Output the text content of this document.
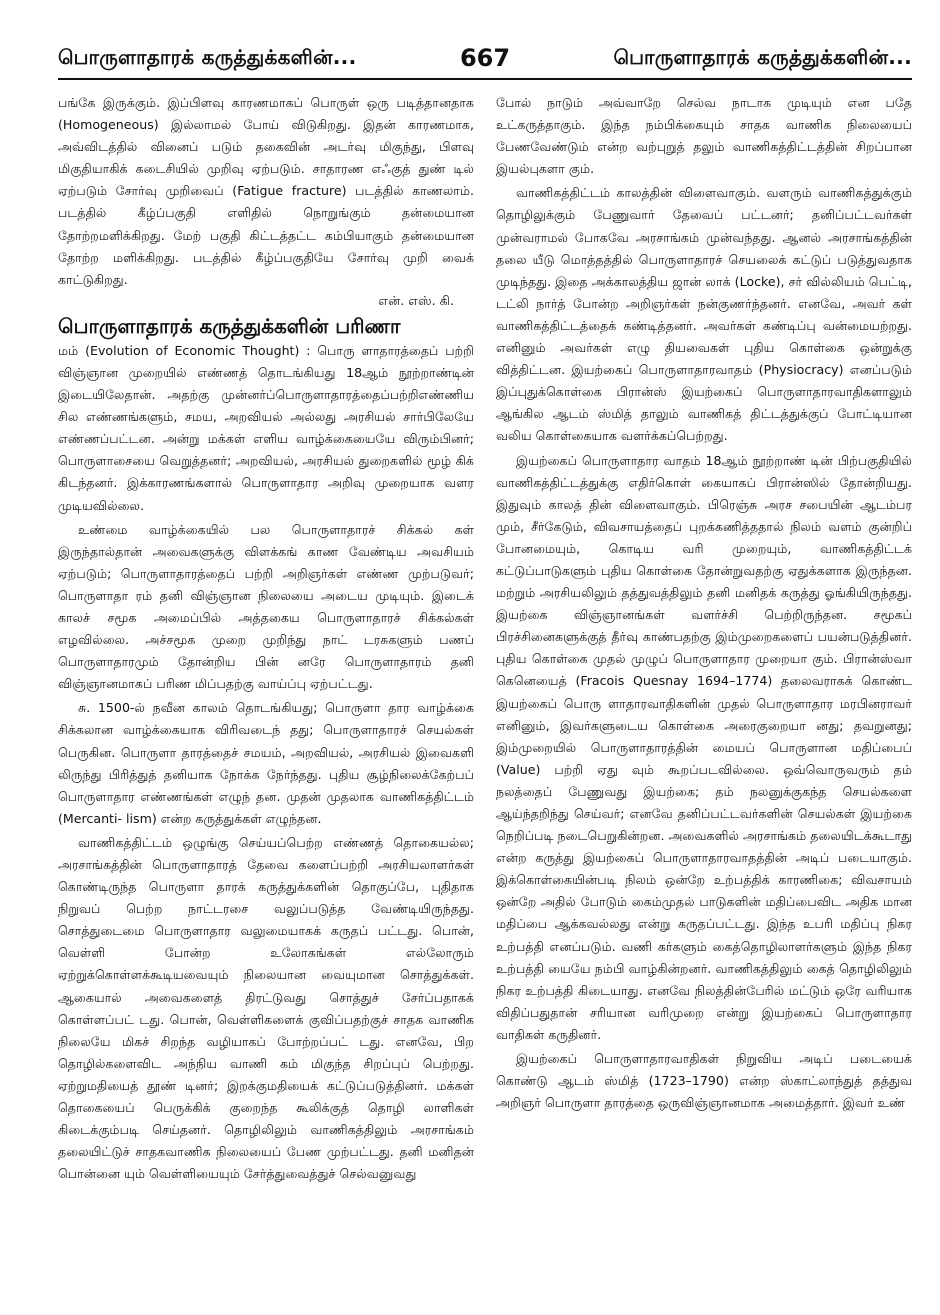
பொருளாதாரக் கருத்துக்களின்...	667	பொருளாதாரக் கருத்துக்களின்...

பங்கே இருக்கும். இப்பிளவு காரணமாகப் பொருள் ஒரு படித்தானதாக (Homogeneous) இல்லாமல் போய் விடுகிறது. இதன் காரணமாக, அவ்விடத்தில் வினைப் படும் தகைவின் அடர்வு மிகுந்து, பிளவு மிகுதியாகிக் கடைசியில் முறிவு ஏற்படும். சாதாரண எஃகுத் துண் டில் ஏற்படும் சோர்வு முறிவைப் (Fatigue fracture) படத்தில் காணலாம். படத்தில் கீழ்ப்பகுதி எளிதில் நொறுங்கும் தன்மையான தோற்றமளிக்கிறது. மேற் பகுதி கிட்டத்தட்ட கம்பியாகும் தன்மையான தோற்ற மளிக்கிறது. படத்தில் கீழ்ப்பகுதியே சோர்வு முறி வைக் காட்டுகிறது.

என். எஸ். கி.
பொருளாதாரக் கருத்துக்களின் பரிணா

மம் (Evolution of Economic Thought) : பொரு ளாதாரத்தைப் பற்றி விஞ்ஞான முறையில் எண்ணத் தொடங்கியது 18ஆம் நூற்றாண்டின் இடையிலேதான். அதற்கு முன்னர்ப்பொருளாதாரத்தைப்பற்றிஎண்ணிய சில எண்ணங்களும், சமய, அறவியல் அல்லது அரசியல் சார்பிலேயே எண்ணப்பட்டன. அன்று மக்கள் எளிய வாழ்க்கையையே விரும்பினர்; பொருளாசையை வெறுத்தனர்; அறவியல், அரசியல் துறைகளில் மூழ் கிக் கிடந்தனர். இக்காரணங்களால் பொருளாதார அறிவு முறையாக வளர முடியவில்லை.

உண்மை வாழ்க்கையில் பல பொருளாதாரச் சிக்கல் கள் இருந்தால்தான் அவைகளுக்கு விளக்கங் காண வேண்டிய அவசியம் ஏற்படும்; பொருளாதாரத்தைப் பற்றி அறிஞர்கள் எண்ண முற்படுவர்; பொருளாதா ரம் தனி விஞ்ஞான நிலையை அடைய முடியும். இடைக் காலச் சமூக அமைப்பில் அத்தகைய பொருளாதாரச் சிக்கல்கள் எழவில்லை. அச்சமூக முறை முறிந்து நாட் டரசுகளும் பணப் பொருளாதாரமும் தோன்றிய பின் னரே பொருளாதாரம் தனி விஞ்ஞானமாகப் பரிண மிப்பதற்கு வாய்ப்பு ஏற்பட்டது.

சு. 1500-ல் நவீன காலம் தொடங்கியது; பொருளா தார வாழ்க்கை சிக்கலான வாழ்க்கையாக விரிவடைந் தது; பொருளாதாரச் செயல்கள் பெருகின. பொருளா தாரத்தைச் சமயம், அறவியல், அரசியல் இவைகளி லிருந்து பிரித்துத் தனியாக நோக்க நேர்ந்தது. புதிய சூழ்நிலைக்கேற்பப் பொருளாதார எண்ணங்கள் எழுந் தன. முதன் முதலாக வாணிகத்திட்டம் (Mercanti- lism) என்ற கருத்துக்கள் எழுந்தன.

வாணிகத்திட்டம் ஒழுங்கு செய்யப்பெற்ற எண்ணத் தொகையல்ல; அரசாங்கத்தின் பொருளாதாரத் தேவை களைப்பற்றி அரசியலாளர்கள் கொண்டிருந்த பொருளா தாரக் கருத்துக்களின் தொகுப்பே, புதிதாக நிறுவப் பெற்ற நாட்டரசை வலுப்படுத்த வேண்டியிருந்தது. சொத்துடைமை பொருளாதார வலுமையாகக் கருதப் பட்டது. பொன், வெள்ளி போன்ற உலோகங்கள் எல்லோரும் ஏற்றுக்கொள்ளக்கூடியவையும் நிலையான வையுமான சொத்துக்கள். ஆகையால் அவைகளைத் திரட்டுவது சொத்துச் சேர்ப்பதாகக் கொள்ளப்பட் டது. பொன், வெள்ளிகளைக் குவிப்பதற்குச் சாதக வாணிக நிலையே மிகச் சிறந்த வழியாகப் போற்றப்பட் டது. எனவே, பிற தொழில்களைவிட அந்நிய வாணி கம் மிகுந்த சிறப்புப் பெற்றது. ஏற்றுமதியைத் தூண் டினர்; இறக்குமதியைக் கட்டுப்படுத்தினர். மக்கள் தொகையைப் பெருக்கிக் குறைந்த கூலிக்குத் தொழி லாளிகள் கிடைக்கும்படி செய்தனர். தொழிலிலும் வாணிகத்திலும் அரசாங்கம் தலையிட்டுச் சாதகவாணிக நிலையைப் பேண முற்பட்டது. தனி மனிதன் பொன்னை யும் வெள்ளியையும் சேர்த்துவைத்துச் செல்வனுவது

போல் நாடும் அவ்வாறே செல்வ நாடாக முடியும் என பதே உட்கருத்தாகும். இந்த நம்பிக்கையும் சாதக வாணிக நிலையைப் பேணவேண்டும் என்ற வற்புறுத் தலும் வாணிகத்திட்டத்தின் சிறப்பான இயல்புகளா கும்.

வாணிகத்திட்டம் காலத்தின் விளைவாகும். வளரும் வாணிகத்துக்கும் தொழிலுக்கும் பேணுவார் தேவைப் பட்டனர்; தனிப்பட்டவர்கள் முன்வராமல் போகவே அரசாங்கம் முன்வந்தது. ஆனல் அரசாங்கத்தின் தலை யீடு மொத்தத்தில் பொருளாதாரச் செயலைக் கட்டுப் படுத்துவதாக முடிந்தது. இதை அக்காலத்திய ஜான் லாக் (Locke), சர் வில்லியம் பெட்டி, டட்லி நார்த் போன்ற அறிஞர்கள் நன்குணர்ந்தனர். எனவே, அவர் கள் வாணிகத்திட்டத்தைக் கண்டித்தனர். அவர்கள் கண்டிப்பு வன்மையற்றது. எனினும் அவர்கள் எழு தியவைகள் புதிய கொள்கை ஒன்றுக்கு வித்திட்டன. இயற்கைப் பொருளாதாரவாதம் (Physiocracy) எனப்படும் இப்புதுக்கொள்கை பிரான்ஸ் இயற்கைப் பொருளாதாரவாதிகளாலும் ஆங்கில ஆடம் ஸ்மித் தாலும் வாணிகத் திட்டத்துக்குப் போட்டியான வலிய கொள்கையாக வளர்க்கப்பெற்றது.

இயற்கைப் பொருளாதார வாதம் 18ஆம் நூற்றாண் டின் பிற்பகுதியில் வாணிகத்திட்டத்துக்கு எதிர்கொள் கையாகப் பிரான்ஸில் தோன்றியது. இதுவும் காலத் தின் விளைவாகும். பிரெஞ்சு அரச சபையின் ஆடம்பர மும், சீர்கேடும், விவசாயத்தைப் புறக்கணித்ததால் நிலம் வளம் குன்றிப் போனமையும், கொடிய வரி முறையும், வாணிகத்திட்டக் கட்டுப்பாடுகளும் புதிய கொள்கை தோன்றுவதற்கு ஏதுக்களாக இருந்தன. மற்றும் அரசியலிலும் தத்துவத்திலும் தனி மனிதக் கருத்து ஓங்கியிருந்தது. இயற்கை விஞ்ஞானங்கள் வளர்ச்சி பெற்றிருந்தன. சமூகப் பிரச்சினைகளுக்குத் தீர்வு காண்பதற்கு இம்முறைகளைப் பயன்படுத்தினர். புதிய கொள்கை முதல் முழுப் பொருளாதார முறையா கும். பிரான்ஸ்வா கெனெயைத் (Fracois Quesnay 1694–1774) தலைவராகக் கொண்ட இயற்கைப் பொரு ளாதாரவாதிகளின் முதல் பொருளாதார மரபினராவர் எனினும், இவர்களுடைய கொள்கை அரைகுறையா னது; தவறுனது; இம்முறையில் பொருளாதாரத்தின் மையப் பொருளான மதிப்பைப் (Value) பற்றி ஏது வும் கூறப்படவில்லை. ஒவ்வொருவரும் தம் நலத்தைப் பேணுவது இயற்கை; தம் நலனுக்குகந்த செயல்களை ஆய்ந்தறிந்து செய்வர்; எனவே தனிப்பட்டவர்களின் செயல்கள் இயற்கை நெறிப்படி நடைபெறுகின்றன. அவைகளில் அரசாங்கம் தலையிடக்கூடாது என்ற கருத்து இயற்கைப் பொருளாதாரவாதத்தின் அடிப் படையாகும். இக்கொள்கையின்படி நிலம் ஒன்றே உற்பத்திக் காரணிகை; விவசாயம் ஒன்றே அதில் போடும் கைம்முதல் பாடுகளின் மதிப்பைவிட அதிக மான மதிப்பை ஆக்கவல்லது என்று கருதப்பட்டது. இந்த உபரி மதிப்பு நிகர உற்பத்தி எனப்படும். வணி கர்களும் கைத்தொழிலாளர்களும் இந்த நிகர உற்பத்தி யையே நம்பி வாழ்கின்றனர். வாணிகத்திலும் கைத் தொழிலிலும் நிகர உற்பத்தி கிடையாது. எனவே நிலத்தின்பேரில் மட்டும் ஒரே வரியாக விதிப்பதுதான் சரியான வரிமுறை என்று இயற்கைப் பொருளாதார வாதிகள் கருதினர்.

இயற்கைப் பொருளாதாரவாதிகள் நிறுவிய அடிப் படையைக் கொண்டு ஆடம் ஸ்மித் (1723–1790) என்ற ஸ்காட்லாந்துத் தத்துவ அறிஞர் பொருளா தாரத்தை ஒருவிஞ்ஞானமாக அமைத்தார். இவர் உண்
